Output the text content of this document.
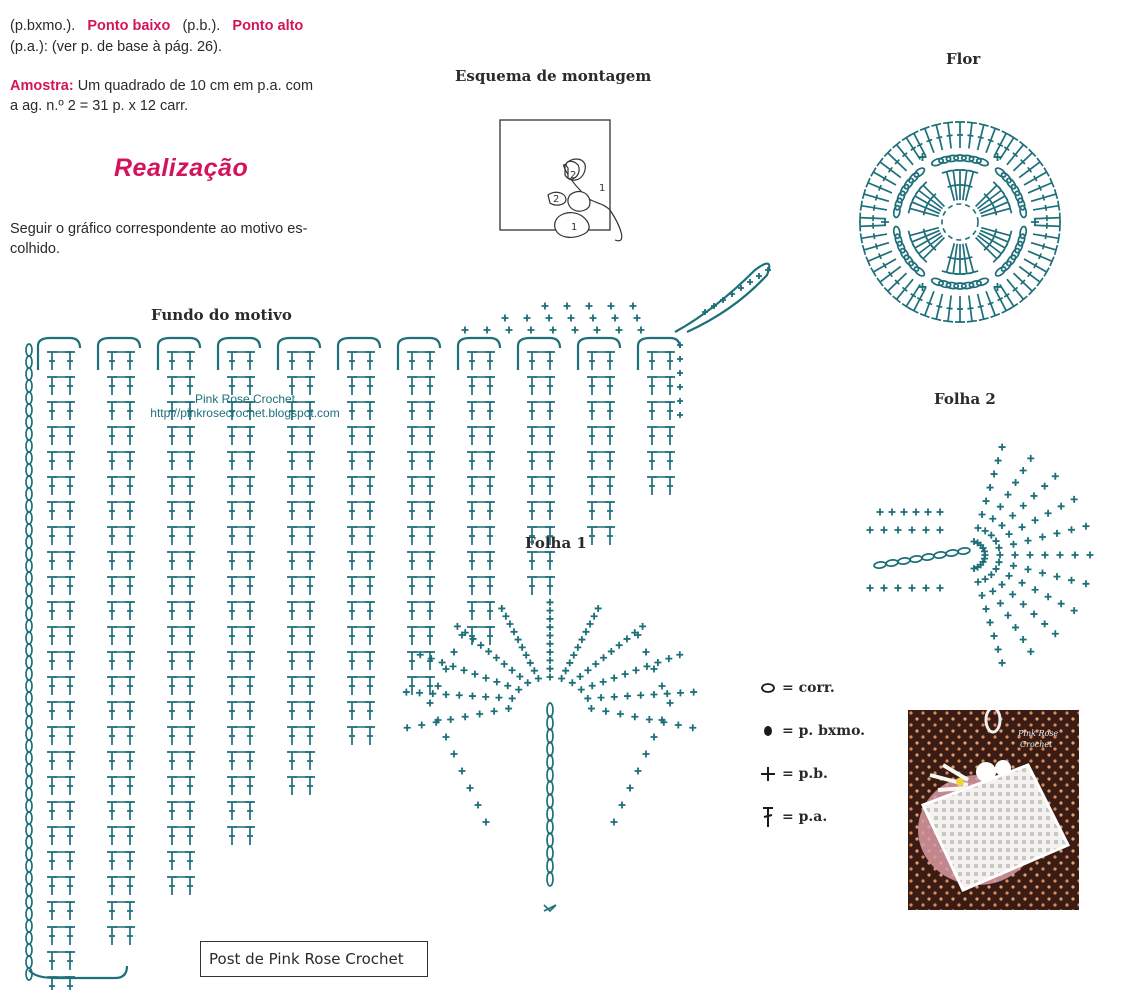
(p.bxmo.). Ponto baixo (p.b.). Ponto alto
(p.a.): (ver p. de base à pág. 26).
Amostra: Um quadrado de 10 cm em p.a. com
a ag. n.º 2 = 31 p. x 12 carr.
Realização
Seguir o gráfico correspondente ao motivo es-
colhido.
Esquema de montagem
Flor
Fundo do motivo
Folha 2
Folha 1
2
2
1
1
Pink Rose Crochet
http://pinkrosecrochet.blogspot.com
= corr.
= p. bxmo.
= p.b.
= p.a.
Pink Rose
Crochet
Post de Pink Rose Crochet
